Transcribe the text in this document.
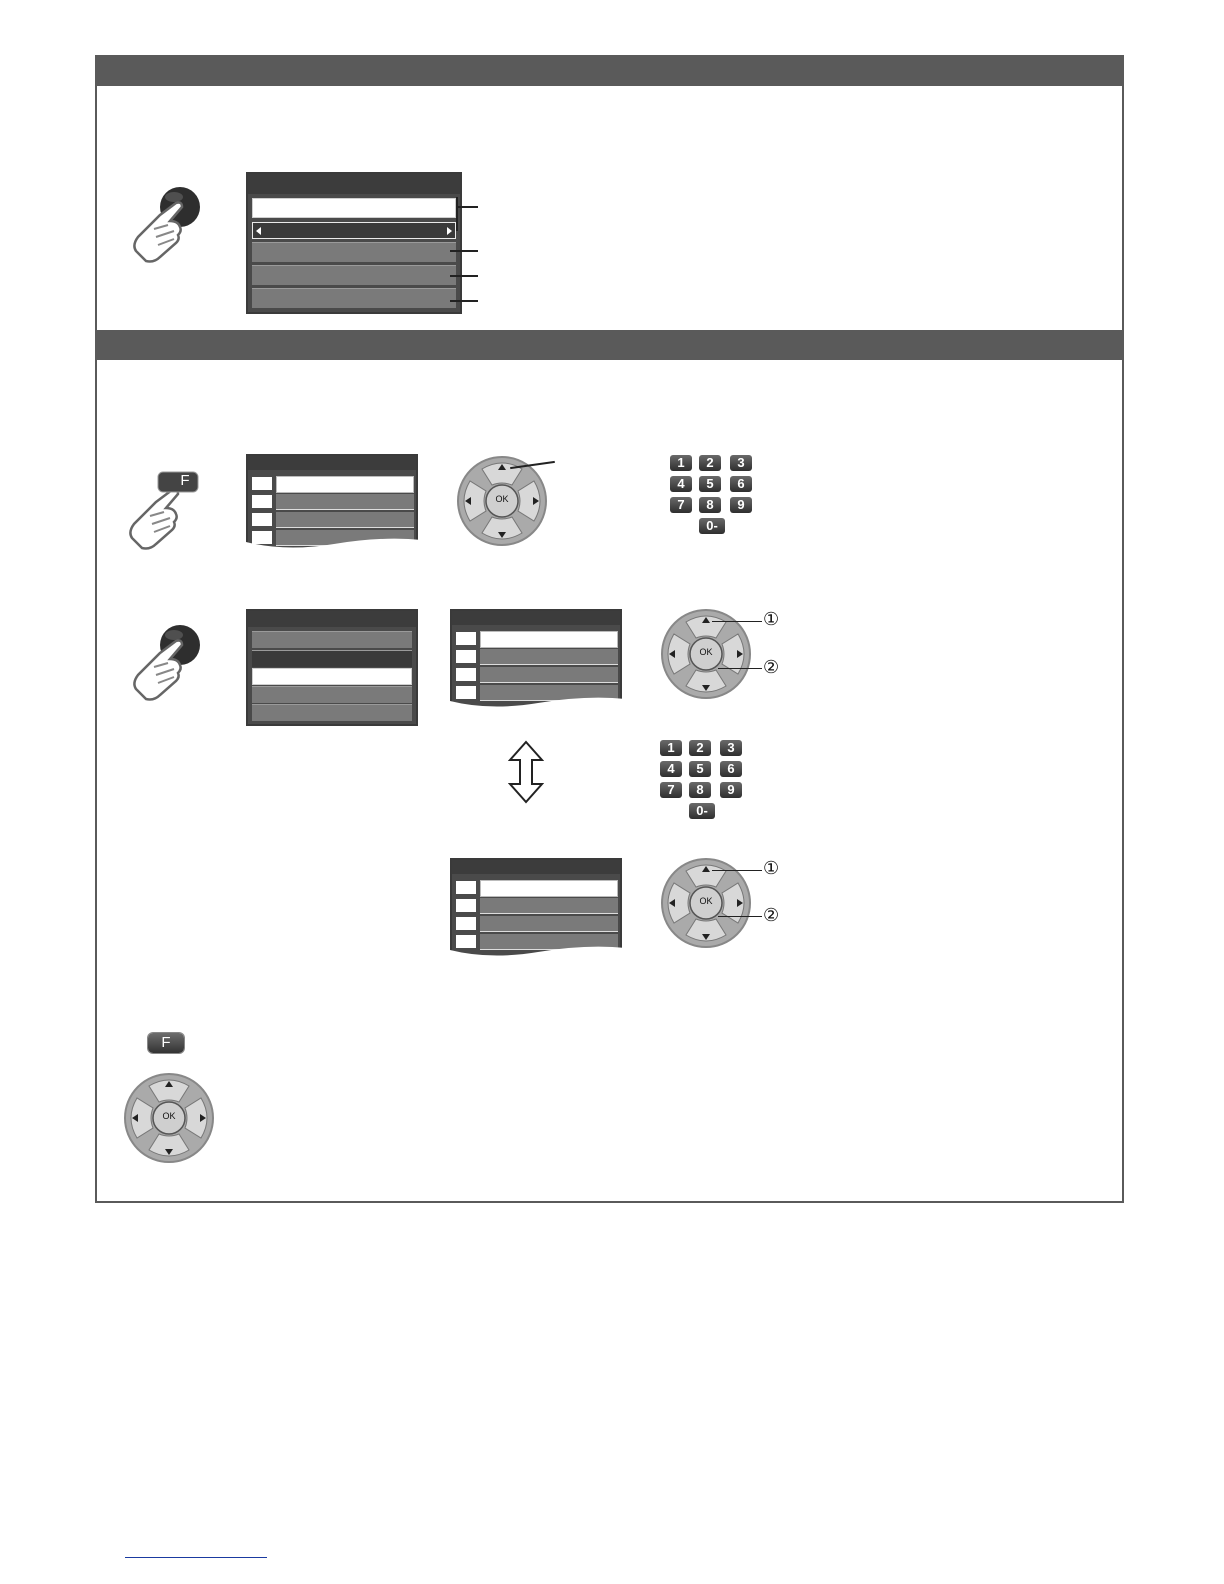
F
OK
1	2	3
4	5	6
7	8	9
0-
OK
①
②
1	2	3
4	5	6
7	8	9
0-
OK
①
②
F
OK
